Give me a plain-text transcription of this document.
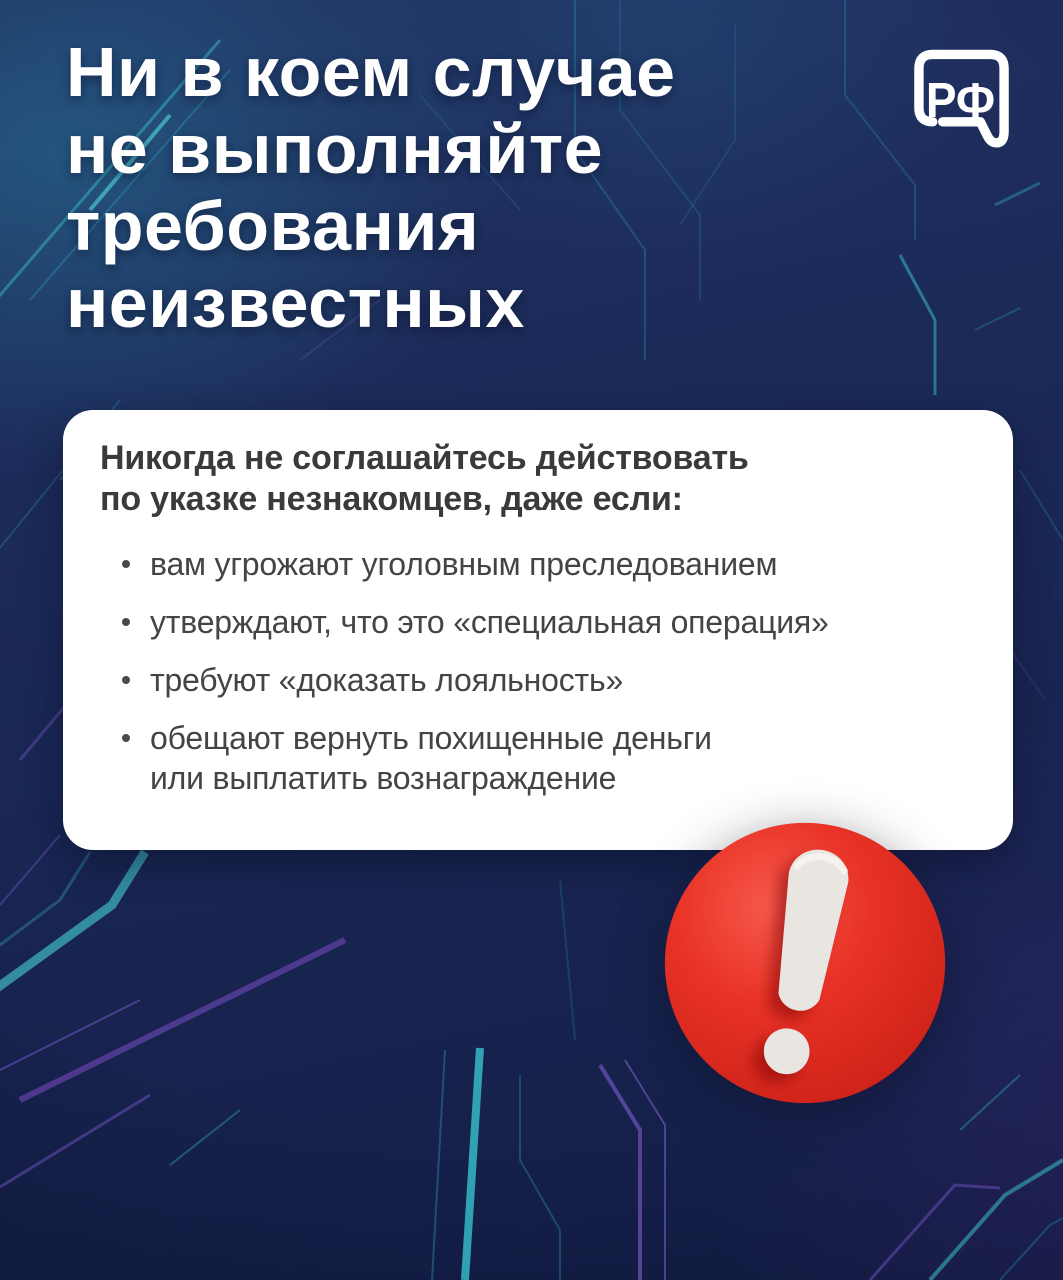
Ни в коем случае
не выполняйте
требования
неизвестных
РФ
Никогда не соглашайтесь действовать
по указке незнакомцев, даже если:
вам угрожают уголовным преследованием
утверждают, что это «специальная операция»
требуют «доказать лояльность»
обещают вернуть похищенные деньги
или выплатить вознаграждение
